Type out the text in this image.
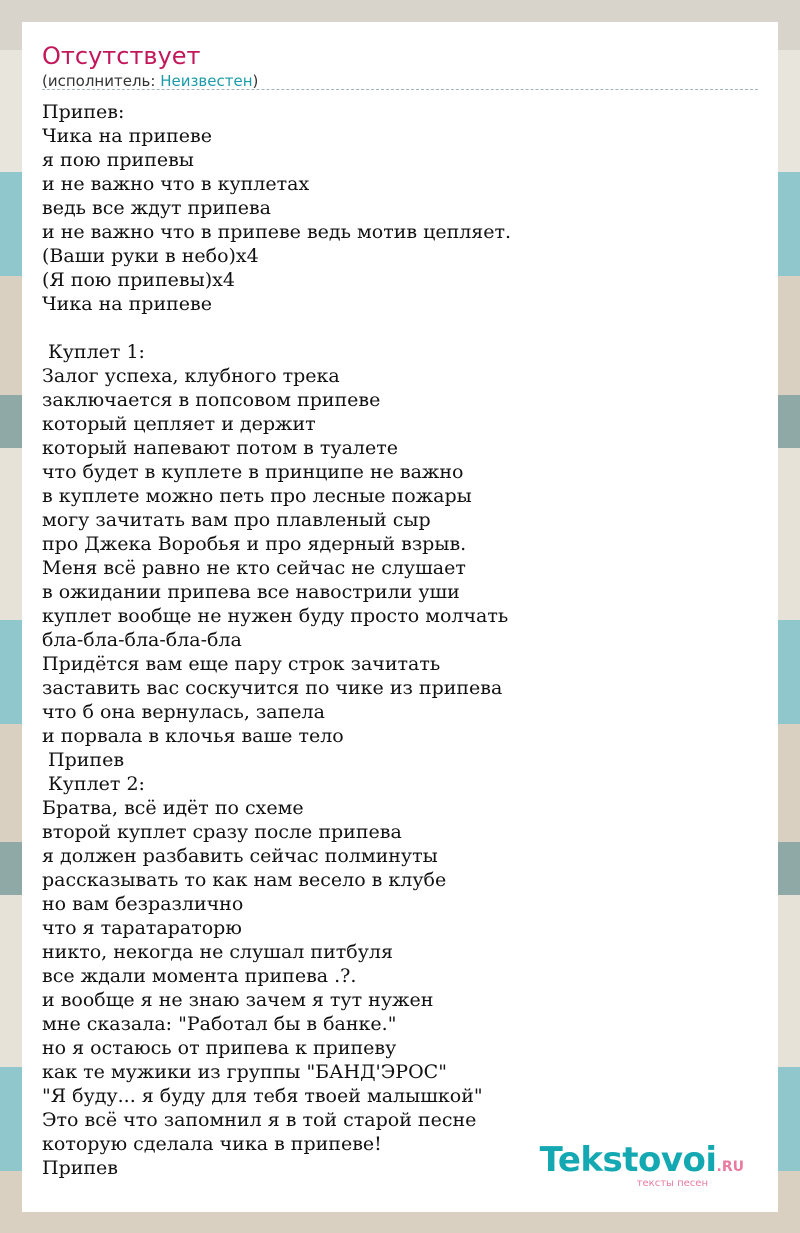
Отсутствует
(исполнитель: Неизвестен)
Припев:
Чика на припеве
я пою припевы
и не важно что в куплетах
ведь все ждут припева
и не важно что в припеве ведь мотив цепляет.
(Ваши руки в небо)x4
(Я пою припевы)x4
Чика на припеве

Куплет 1:
Залог успеха, клубного трека
заключается в попсовом припеве
который цепляет и держит
который напевают потом в туалете
что будет в куплете в принципе не важно
в куплете можно петь про лесные пожары
могу зачитать вам про плавленый сыр
про Джека Воробья и про ядерный взрыв.
Меня всё равно не кто сейчас не слушает
в ожидании припева все навострили уши
куплет вообще не нужен буду просто молчать
бла-бла-бла-бла-бла
Придётся вам еще пару строк зачитать
заставить вас соскучится по чике из припева
что б она вернулась, запела
и порвала в клочья ваше тело
Припев
Куплет 2:
Братва, всё идёт по схеме
второй куплет сразу после припева
я должен разбавить сейчас полминуты
рассказывать то как нам весело в клубе
но вам безразлично
что я таратараторю
никто, некогда не слушал питбуля
все ждали момента припева .?.
и вообще я не знаю зачем я тут нужен
мне сказала: "Работал бы в банке."
но я остаюсь от припева к припеву
как те мужики из группы "БАНД'ЭРОС"
"Я буду... я буду для тебя твоей малышкой"
Это всё что запомнил я в той старой песне
которую сделала чика в припеве!
Припев	Tekstovoi.RU
тексты песен
